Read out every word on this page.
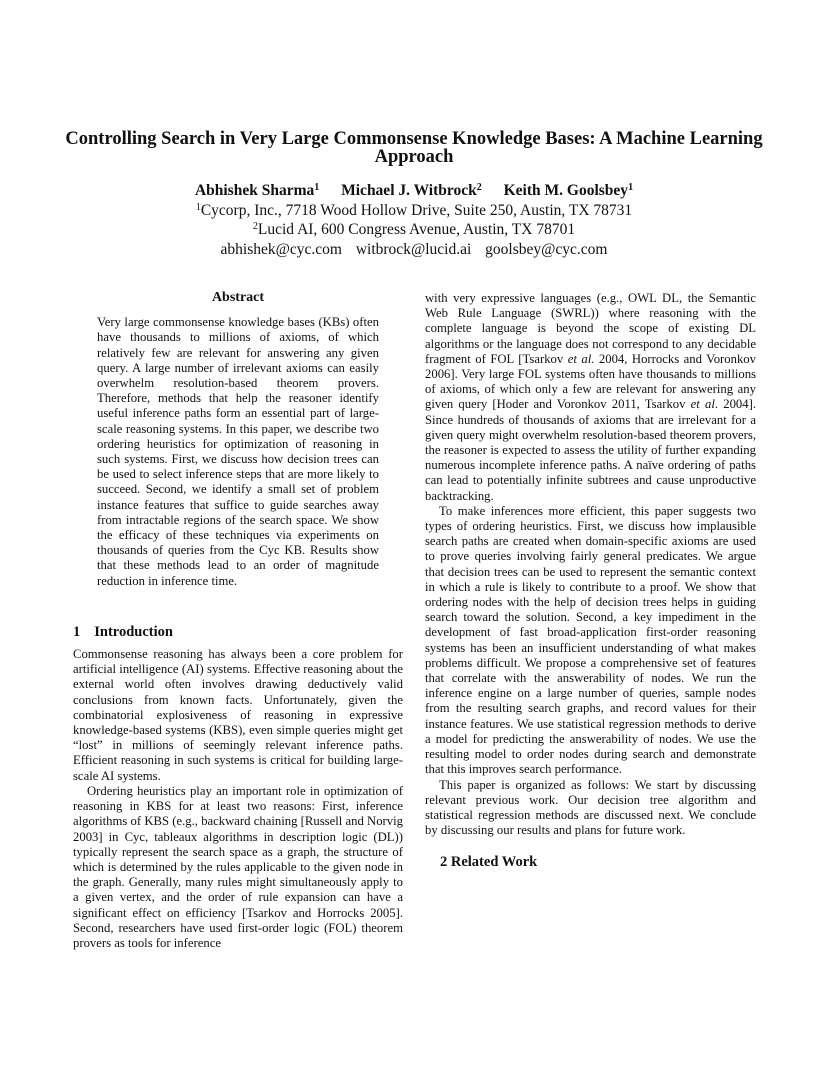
Controlling Search in Very Large Commonsense Knowledge Bases: A Machine Learning Approach
Abhishek Sharma$^1$ Michael J. Witbrock$^2$ Keith M. Goolsbey$^1$
$^1$Cycorp, Inc., 7718 Wood Hollow Drive, Suite 250, Austin, TX 78731
$^2$Lucid AI, 600 Congress Avenue, Austin, TX 78701
abhishek@cyc.com witbrock@lucid.ai goolsbey@cyc.com
Abstract

Very large commonsense knowledge bases (KBs) often have thousands to millions of axioms, of which relatively few are relevant for answering any given query. A large number of irrelevant axioms can easily overwhelm resolution-based theorem provers. Therefore, methods that help the reasoner identify useful inference paths form an essential part of large-scale reasoning systems. In this paper, we describe two ordering heuristics for optimization of reasoning in such systems. First, we discuss how decision trees can be used to select inference steps that are more likely to succeed. Second, we identify a small set of problem instance features that suffice to guide searches away from intractable regions of the search space. We show the efficacy of these techniques via experiments on thousands of queries from the Cyc KB. Results show that these methods lead to an order of magnitude reduction in inference time.

1 Introduction

Commonsense reasoning has always been a core problem for artificial intelligence (AI) systems. Effective reasoning about the external world often involves drawing deductively valid conclusions from known facts. Unfortunately, given the combinatorial explosiveness of reasoning in expressive knowledge-based systems (KBS), even simple queries might get “lost” in millions of seemingly relevant inference paths. Efficient reasoning in such systems is critical for building large-scale AI systems.

Ordering heuristics play an important role in optimization of reasoning in KBS for at least two reasons: First, inference algorithms of KBS (e.g., backward chaining [Russell and Norvig 2003] in Cyc, tableaux algorithms in description logic (DL)) typically represent the search space as a graph, the structure of which is determined by the rules applicable to the given node in the graph. Generally, many rules might simultaneously apply to a given vertex, and the order of rule expansion can have a significant effect on efficiency [Tsarkov and Horrocks 2005]. Second, researchers have used first-order logic (FOL) theorem provers as tools for inference

with very expressive languages (e.g., OWL DL, the Semantic Web Rule Language (SWRL)) where reasoning with the complete language is beyond the scope of existing DL algorithms or the language does not correspond to any decidable fragment of FOL [Tsarkov et al. 2004, Horrocks and Voronkov 2006]. Very large FOL systems often have thousands to millions of axioms, of which only a few are relevant for answering any given query [Hoder and Voronkov 2011, Tsarkov et al. 2004]. Since hundreds of thousands of axioms that are irrelevant for a given query might overwhelm resolution-based theorem provers, the reasoner is expected to assess the utility of further expanding numerous incomplete inference paths. A naïve ordering of paths can lead to potentially infinite subtrees and cause unproductive backtracking.

To make inferences more efficient, this paper suggests two types of ordering heuristics. First, we discuss how implausible search paths are created when domain-specific axioms are used to prove queries involving fairly general predicates. We argue that decision trees can be used to represent the semantic context in which a rule is likely to contribute to a proof. We show that ordering nodes with the help of decision trees helps in guiding search toward the solution. Second, a key impediment in the development of fast broad-application first-order reasoning systems has been an insufficient understanding of what makes problems difficult. We propose a comprehensive set of features that correlate with the answerability of nodes. We run the inference engine on a large number of queries, sample nodes from the resulting search graphs, and record values for their instance features. We use statistical regression methods to derive a model for predicting the answerability of nodes. We use the resulting model to order nodes during search and demonstrate that this improves search performance.

This paper is organized as follows: We start by discussing relevant previous work. Our decision tree algorithm and statistical regression methods are discussed next. We conclude by discussing our results and plans for future work.

2 Related Work
